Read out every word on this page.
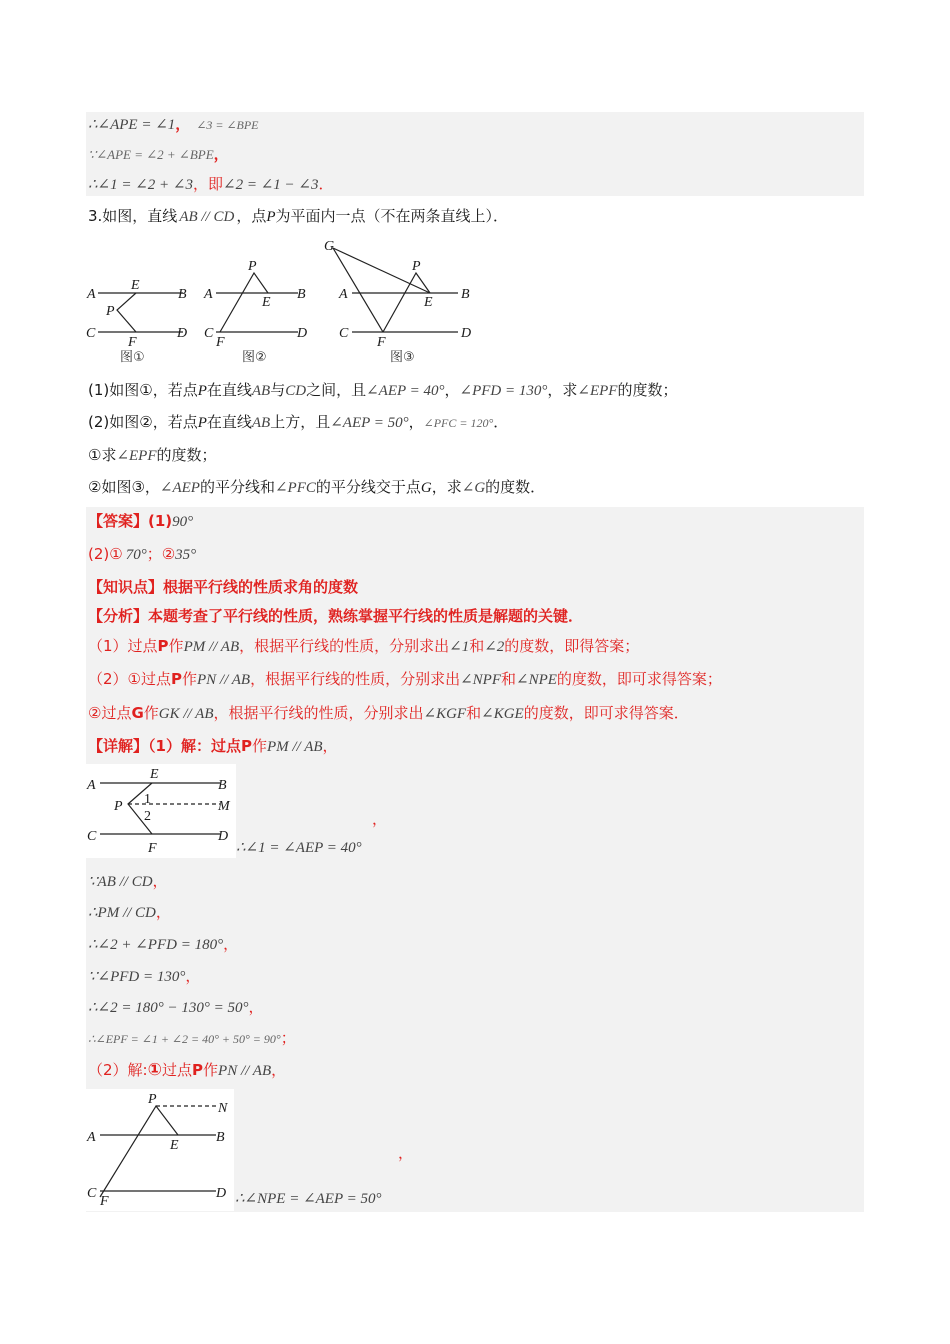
∴∠APE = ∠1， ∠3 = ∠BPE
∵∠APE = ∠2 + ∠BPE，
∴∠1 = ∠2 + ∠3，即∠2 = ∠1 − ∠3．
3.如图，直线 AB // CD ，点P为平面内一点（不在两条直线上）．
A	B
C	D
E
F
P
图①
A	B
C	D
E
F
P
图②
G
A	B
C	D
E
F
P
图③
(1)如图①，若点P在直线AB与CD之间，且∠AEP = 40°，∠PFD = 130°，求∠EPF的度数；
(2)如图②，若点P在直线AB上方，且∠AEP = 50°，∠PFC = 120°．
①求∠EPF的度数；
②如图③，∠AEP的平分线和∠PFC的平分线交于点G，求∠G的度数．
【答案】(1)90°
(2)① 70°；②35°
【知识点】根据平行线的性质求角的度数
【分析】本题考查了平行线的性质，熟练掌握平行线的性质是解题的关键．
（1）过点P作PM // AB，根据平行线的性质，分别求出∠1和∠2的度数，即得答案；
（2）①过点P作PN // AB，根据平行线的性质，分别求出∠NPF和∠NPE的度数，即可求得答案；
②过点G作GK // AB，根据平行线的性质，分别求出∠KGF和∠KGE的度数，即可求得答案．
【详解】（1）解：过点P作PM // AB，
A	B
C	D
E
F
P	M
1
2	，
∴∠1 = ∠AEP = 40°
∵AB // CD，
∴PM // CD，
∴∠2 + ∠PFD = 180°，
∵∠PFD = 130°，
∴∠2 = 180° − 130° = 50°，
∴∠EPF = ∠1 + ∠2 = 40° + 50° = 90°；
（2）解:①过点P作PN // AB，
A	B
C	D
E
F
P
N
，
∴∠NPE = ∠AEP = 50°
